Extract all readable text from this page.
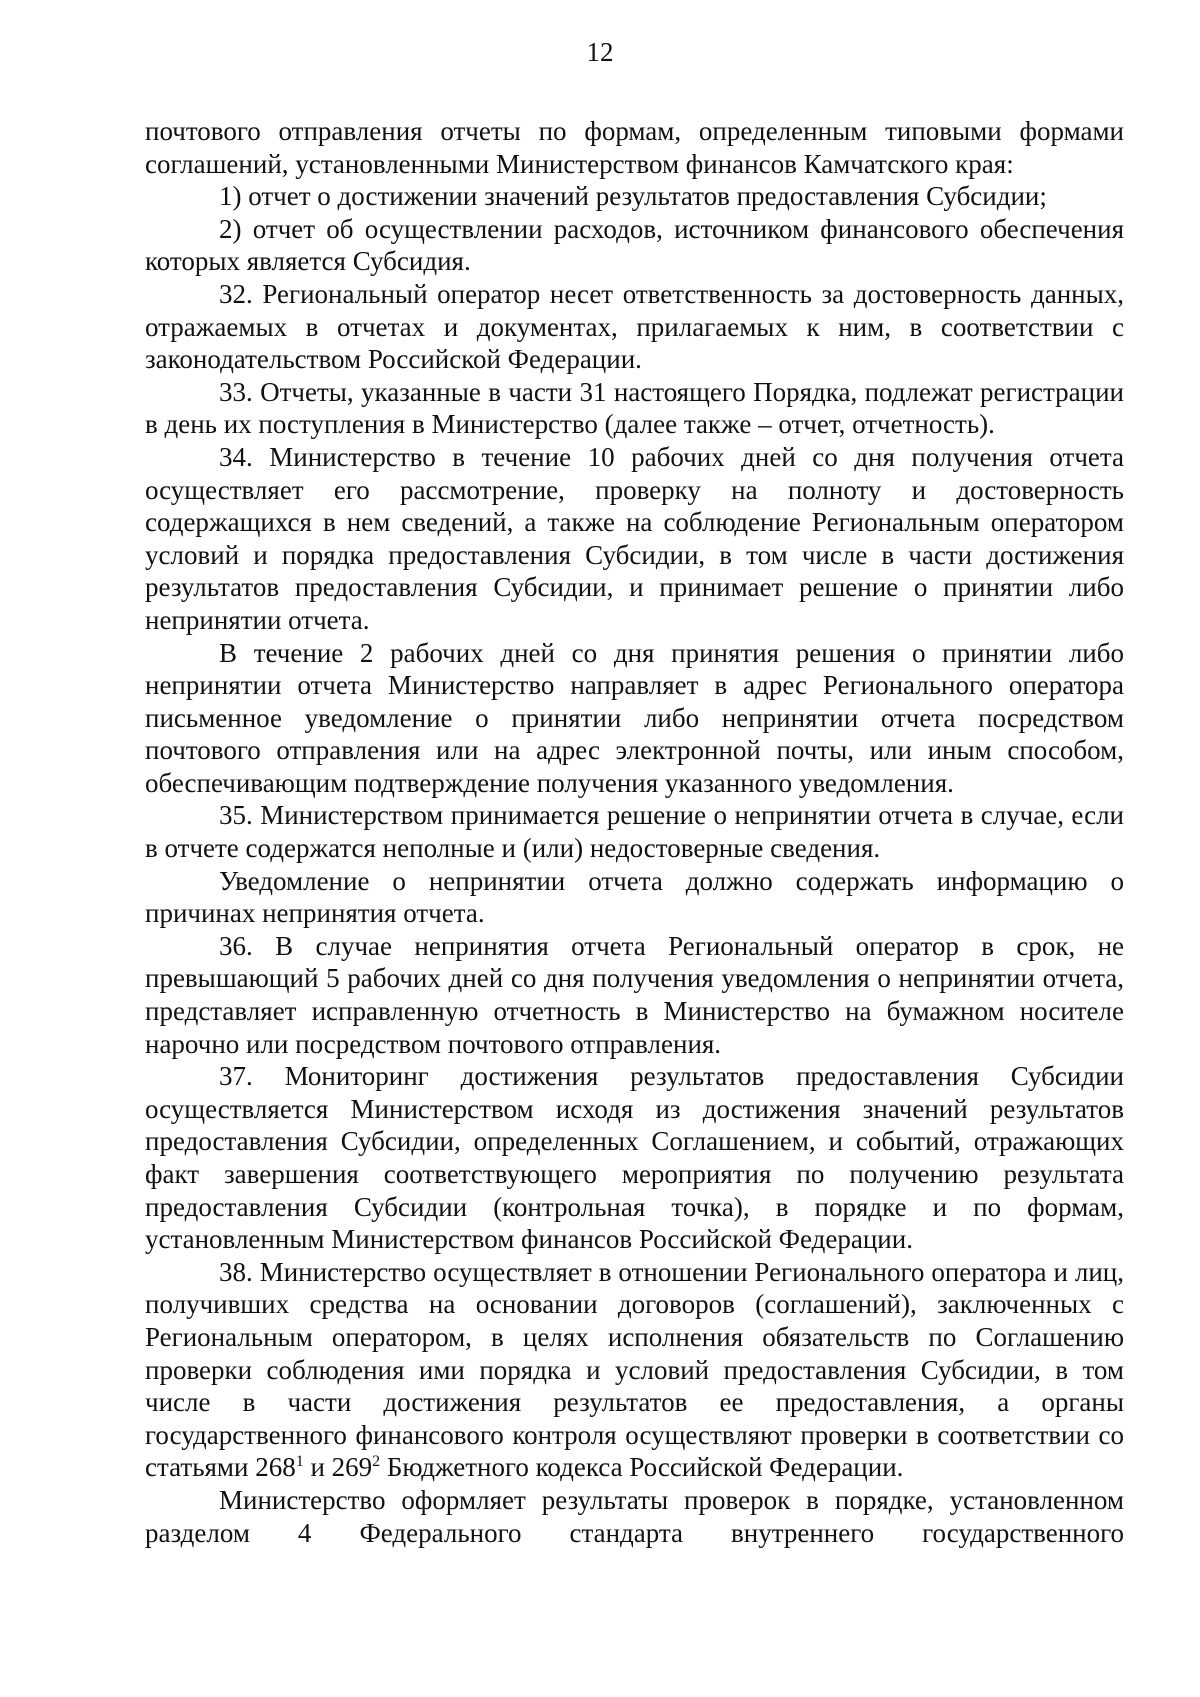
12

почтового отправления отчеты по формам, определенным типовыми формами соглашений, установленными Министерством финансов Камчатского края:

1) отчет о достижении значений результатов предоставления Субсидии;

2) отчет об осуществлении расходов, источником финансового обеспечения которых является Субсидия.

32. Региональный оператор несет ответственность за достоверность данных, отражаемых в отчетах и документах, прилагаемых к ним, в соответствии с законодательством Российской Федерации.

33. Отчеты, указанные в части 31 настоящего Порядка, подлежат регистрации в день их поступления в Министерство (далее также – отчет, отчетность).

34. Министерство в течение 10 рабочих дней со дня получения отчета осуществляет его рассмотрение, проверку на полноту и достоверность содержащихся в нем сведений, а также на соблюдение Региональным оператором условий и порядка предоставления Субсидии, в том числе в части достижения результатов предоставления Субсидии, и принимает решение о принятии либо непринятии отчета.

В течение 2 рабочих дней со дня принятия решения о принятии либо непринятии отчета Министерство направляет в адрес Регионального оператора письменное уведомление о принятии либо непринятии отчета посредством почтового отправления или на адрес электронной почты, или иным способом, обеспечивающим подтверждение получения указанного уведомления.

35. Министерством принимается решение о непринятии отчета в случае, если в отчете содержатся неполные и (или) недостоверные сведения.

Уведомление о непринятии отчета должно содержать информацию о причинах непринятия отчета.

36. В случае непринятия отчета Региональный оператор в срок, не превышающий 5 рабочих дней со дня получения уведомления о непринятии отчета, представляет исправленную отчетность в Министерство на бумажном носителе нарочно или посредством почтового отправления.

37. Мониторинг достижения результатов предоставления Субсидии осуществляется Министерством исходя из достижения значений результатов предоставления Субсидии, определенных Соглашением, и событий, отражающих факт завершения соответствующего мероприятия по получению результата предоставления Субсидии (контрольная точка), в порядке и по формам, установленным Министерством финансов Российской Федерации.

38. Министерство осуществляет в отношении Регионального оператора и лиц, получивших средства на основании договоров (соглашений), заключенных с Региональным оператором, в целях исполнения обязательств по Соглашению проверки соблюдения ими порядка и условий предоставления Субсидии, в том числе в части достижения результатов ее предоставления, а органы государственного финансового контроля осуществляют проверки в соответствии со статьями $268^1$ и $269^2$ Бюджетного кодекса Российской Федерации.

Министерство оформляет результаты проверок в порядке, установленном разделом 4 Федерального стандарта внутреннего государственного
